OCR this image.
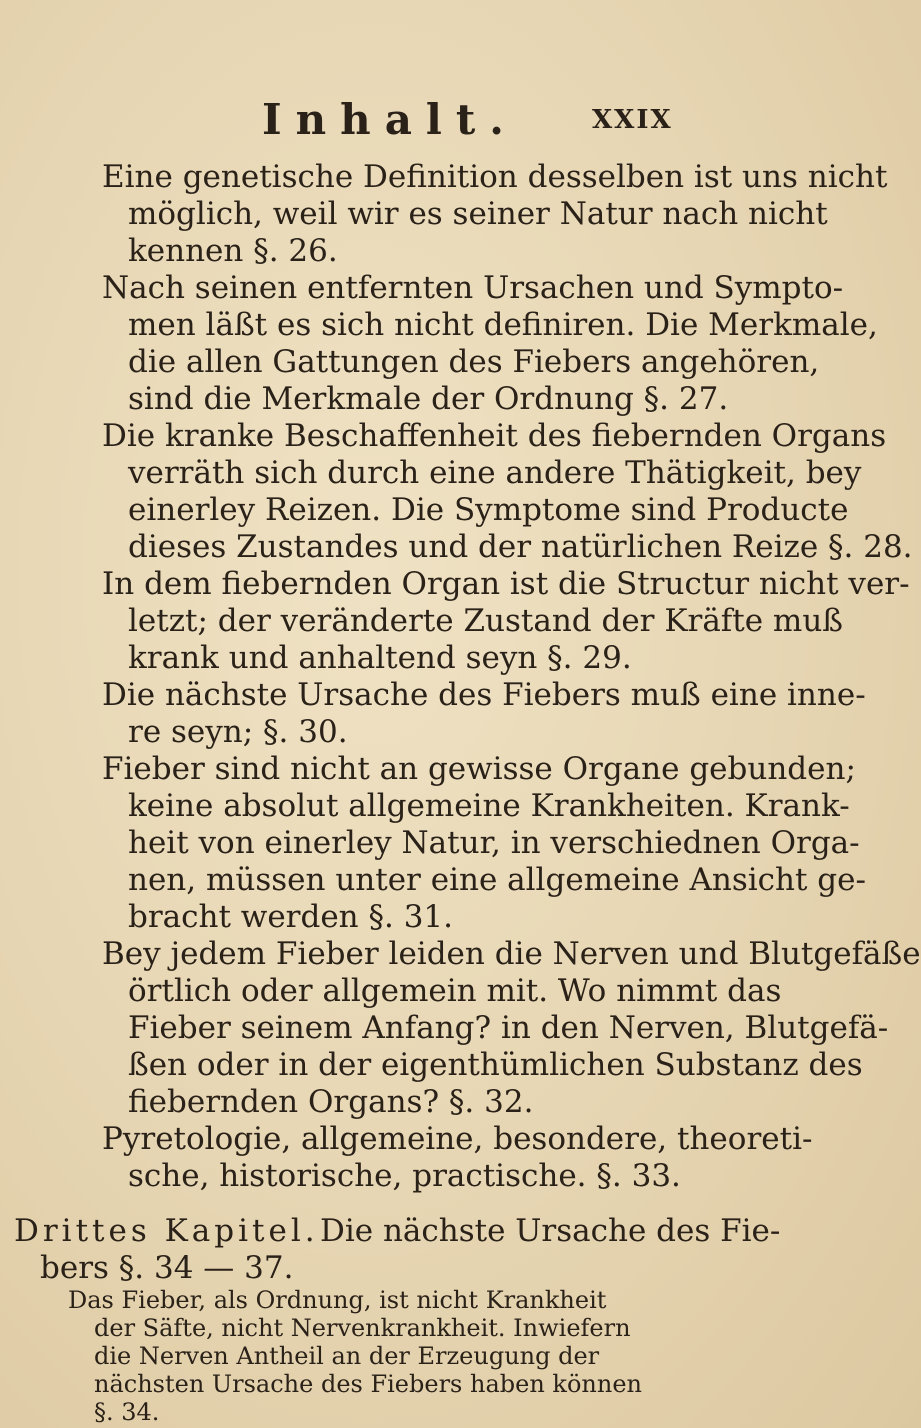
Inhalt.	XXIX
Eine genetische Definition desselben ist uns nicht
möglich, weil wir es seiner Natur nach nicht
kennen §. 26.
Nach seinen entfernten Ursachen und Sympto-
men läßt es sich nicht definiren. Die Merkmale,
die allen Gattungen des Fiebers angehören,
sind die Merkmale der Ordnung §. 27.
Die kranke Beschaffenheit des fiebernden Organs
verräth sich durch eine andere Thätigkeit, bey
einerley Reizen. Die Symptome sind Producte
dieses Zustandes und der natürlichen Reize §. 28.
In dem fiebernden Organ ist die Structur nicht ver-
letzt; der veränderte Zustand der Kräfte muß
krank und anhaltend seyn §. 29.
Die nächste Ursache des Fiebers muß eine inne-
re seyn; §. 30.
Fieber sind nicht an gewisse Organe gebunden;
keine absolut allgemeine Krankheiten. Krank-
heit von einerley Natur, in verschiednen Orga-
nen, müssen unter eine allgemeine Ansicht ge-
bracht werden §. 31.
Bey jedem Fieber leiden die Nerven und Blutgefäße
örtlich oder allgemein mit. Wo nimmt das
Fieber seinem Anfang? in den Nerven, Blutgefä-
ßen oder in der eigenthümlichen Substanz des
fiebernden Organs? §. 32.
Pyretologie, allgemeine, besondere, theoreti-
sche, historische, practische. §. 33.
Drittes Kapitel. Die nächste Ursache des Fie-
bers §. 34 — 37.
Das Fieber, als Ordnung, ist nicht Krankheit
der Säfte, nicht Nervenkrankheit. Inwiefern
die Nerven Antheil an der Erzeugung der
nächsten Ursache des Fiebers haben können
§. 34.
